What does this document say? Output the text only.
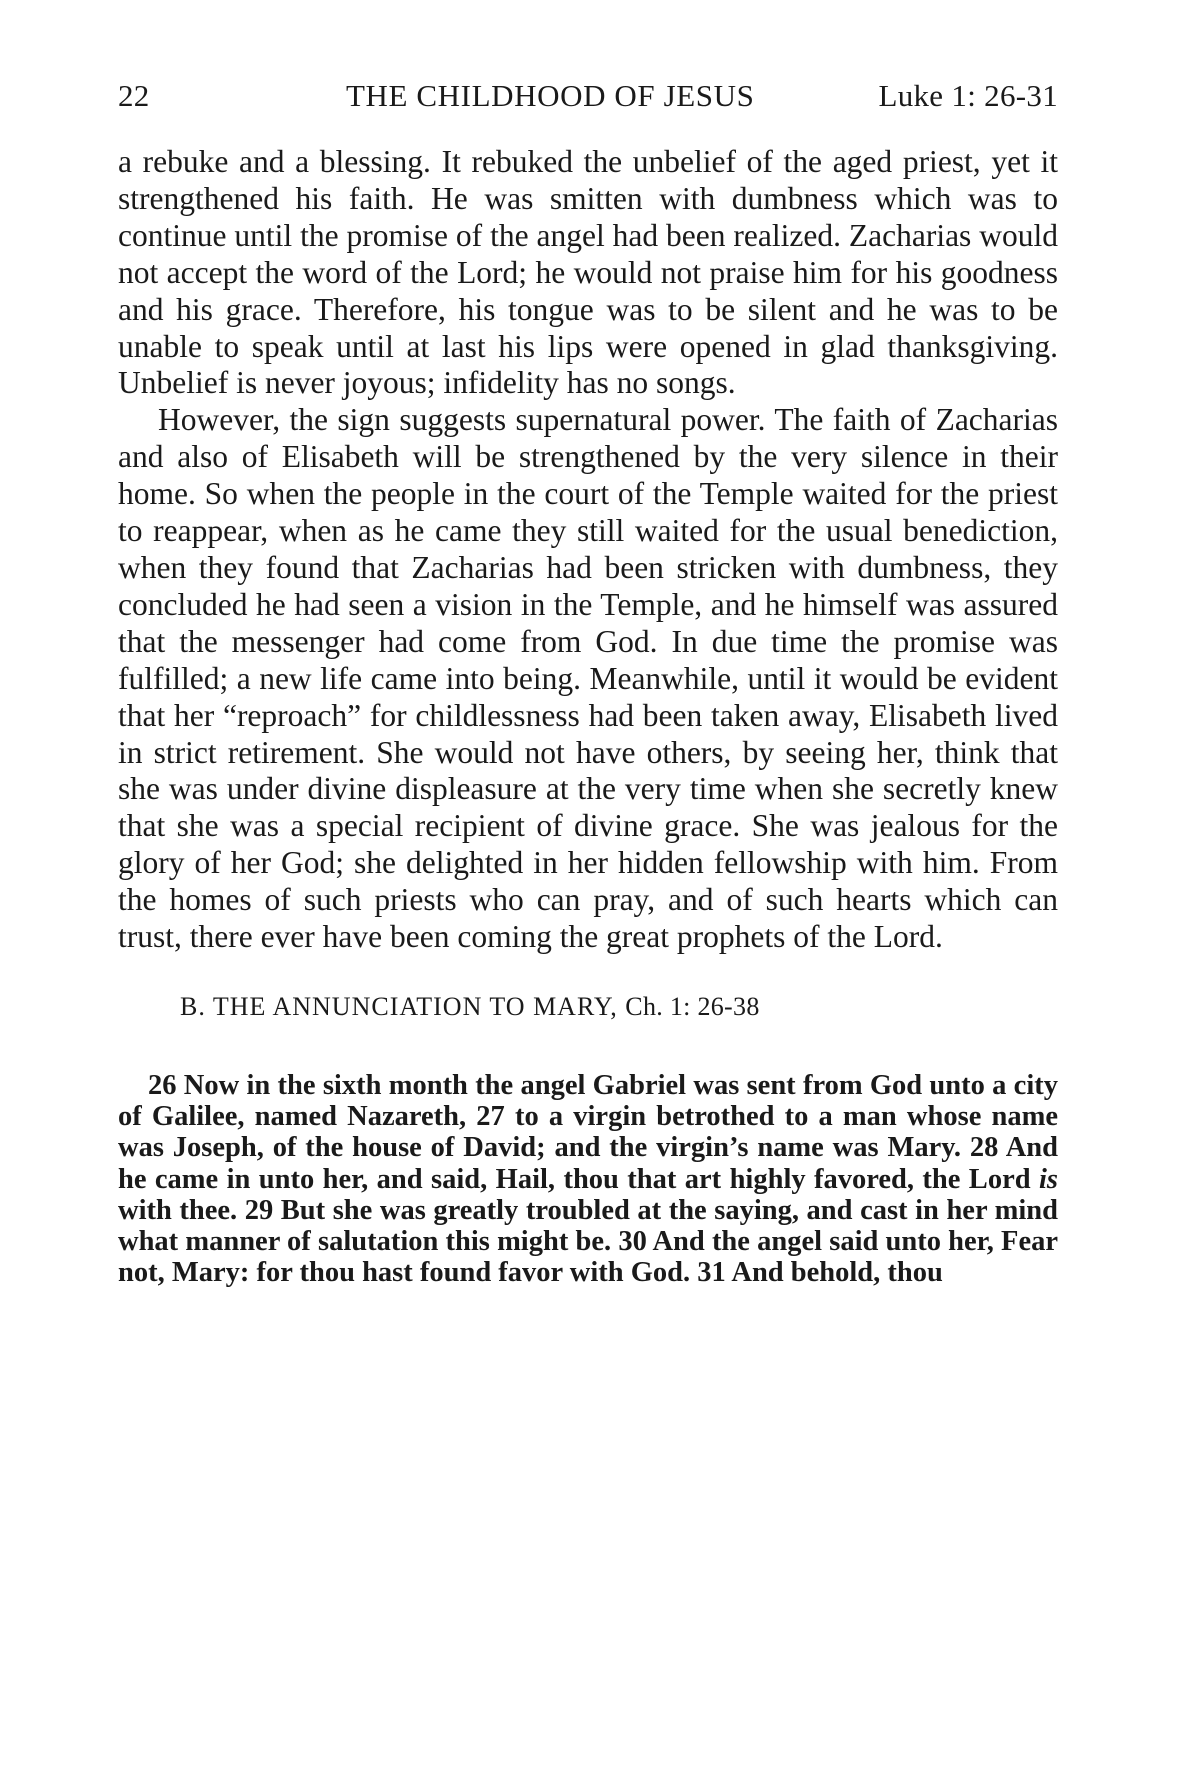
22	THE CHILDHOOD OF JESUS	Luke 1: 26-31

a rebuke and a blessing. It rebuked the unbelief of the aged priest, yet it strengthened his faith. He was smitten with dumbness which was to continue until the promise of the angel had been realized. Zacharias would not accept the word of the Lord; he would not praise him for his goodness and his grace. Therefore, his tongue was to be silent and he was to be unable to speak until at last his lips were opened in glad thanksgiving. Unbelief is never joyous; infidelity has no songs.

However, the sign suggests supernatural power. The faith of Zacharias and also of Elisabeth will be strengthened by the very silence in their home. So when the people in the court of the Temple waited for the priest to reappear, when as he came they still waited for the usual benediction, when they found that Zacharias had been stricken with dumbness, they concluded he had seen a vision in the Temple, and he himself was assured that the messenger had come from God. In due time the promise was fulfilled; a new life came into being. Meanwhile, until it would be evident that her “reproach” for childlessness had been taken away, Elisabeth lived in strict retirement. She would not have others, by seeing her, think that she was under divine displeasure at the very time when she secretly knew that she was a special recipient of divine grace. She was jealous for the glory of her God; she delighted in her hidden fellowship with him. From the homes of such priests who can pray, and of such hearts which can trust, there ever have been coming the great prophets of the Lord.

B. THE ANNUNCIATION TO MARY, Ch. 1: 26-38

26 Now in the sixth month the angel Gabriel was sent from God unto a city of Galilee, named Nazareth, 27 to a virgin betrothed to a man whose name was Joseph, of the house of David; and the virgin’s name was Mary. 28 And he came in unto her, and said, Hail, thou that art highly favored, the Lord is with thee. 29 But she was greatly troubled at the saying, and cast in her mind what manner of salutation this might be. 30 And the angel said unto her, Fear not, Mary: for thou hast found favor with God. 31 And behold, thou
